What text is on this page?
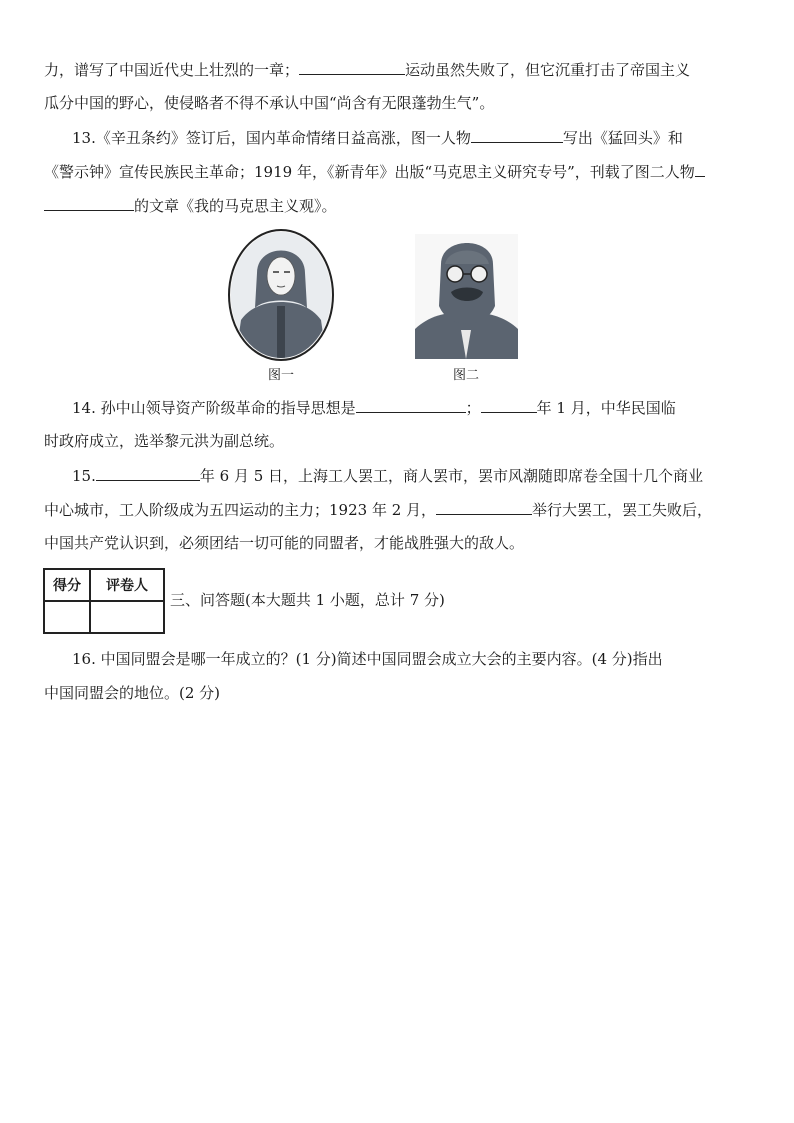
力，谱写了中国近代史上壮烈的一章；	运动虽然失败了，但它沉重打击了帝国主义
瓜分中国的野心，使侵略者不得不承认中国“尚含有无限蓬勃生气”。
13.《辛丑条约》签订后，国内革命情绪日益高涨，图一人物	写出《猛回头》和
《警示钟》宣传民族民主革命；1919 年，《新青年》出版“马克思主义研究专号”，刊载了图二人物
的文章《我的马克思主义观》。
图一	图二
14. 孙中山领导资产阶级革命的指导思想是	；	年 1 月，中华民国临
时政府成立，选举黎元洪为副总统。
15.	年 6 月 5 日，上海工人罢工，商人罢市，罢市风潮随即席卷全国十几个商业
中心城市，工人阶级成为五四运动的主力；1923 年 2 月，	举行大罢工，罢工失败后，
中国共产党认识到，必须团结一切可能的同盟者，才能战胜强大的敌人。
得分	评卷人

三、问答题(本大题共 1 小题，总计 7 分)
16. 中国同盟会是哪一年成立的？(1 分)简述中国同盟会成立大会的主要内容。(4 分)指出
中国同盟会的地位。(2 分)
